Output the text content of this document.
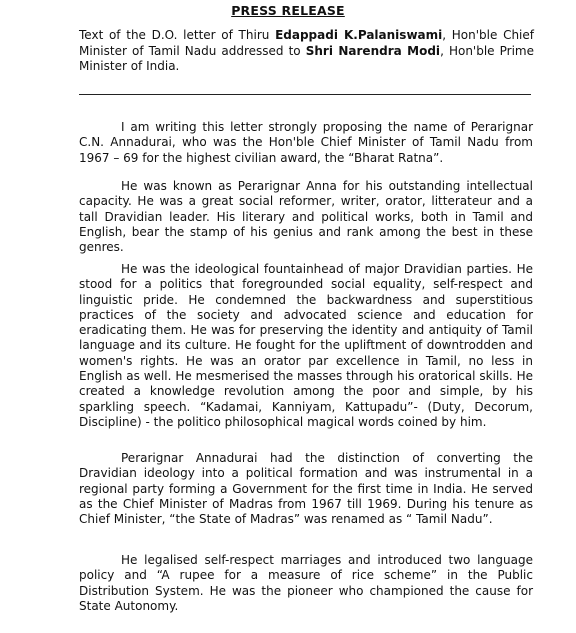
PRESS RELEASE
Text of the D.O. letter of Thiru Edappadi K.Palaniswami, Hon'ble Chief Minister of Tamil Nadu addressed to Shri Narendra Modi, Hon'ble Prime Minister of India.

I am writing this letter strongly proposing the name of Perarignar C.N. Annadurai, who was the Hon'ble Chief Minister of Tamil Nadu from 1967 – 69 for the highest civilian award, the “Bharat Ratna”.

He was known as Perarignar Anna for his outstanding intellectual capacity. He was a great social reformer, writer, orator, litterateur and a tall Dravidian leader. His literary and political works, both in Tamil and English, bear the stamp of his genius and rank among the best in these genres.

He was the ideological fountainhead of major Dravidian parties. He stood for a politics that foregrounded social equality, self-respect and linguistic pride. He condemned the backwardness and superstitious practices of the society and advocated science and education for eradicating them. He was for preserving the identity and antiquity of Tamil language and its culture. He fought for the upliftment of downtrodden and women's rights. He was an orator par excellence in Tamil, no less in English as well. He mesmerised the masses through his oratorical skills. He created a knowledge revolution among the poor and simple, by his sparkling speech. “Kadamai, Kanniyam, Kattupadu”- (Duty, Decorum, Discipline) - the politico philosophical magical words coined by him.

Perarignar Annadurai had the distinction of converting the Dravidian ideology into a political formation and was instrumental in a regional party forming a Government for the first time in India. He served as the Chief Minister of Madras from 1967 till 1969. During his tenure as Chief Minister, “the State of Madras” was renamed as “ Tamil Nadu”.

He legalised self-respect marriages and introduced two language policy and “A rupee for a measure of rice scheme” in the Public Distribution System. He was the pioneer who championed the cause for State Autonomy.
